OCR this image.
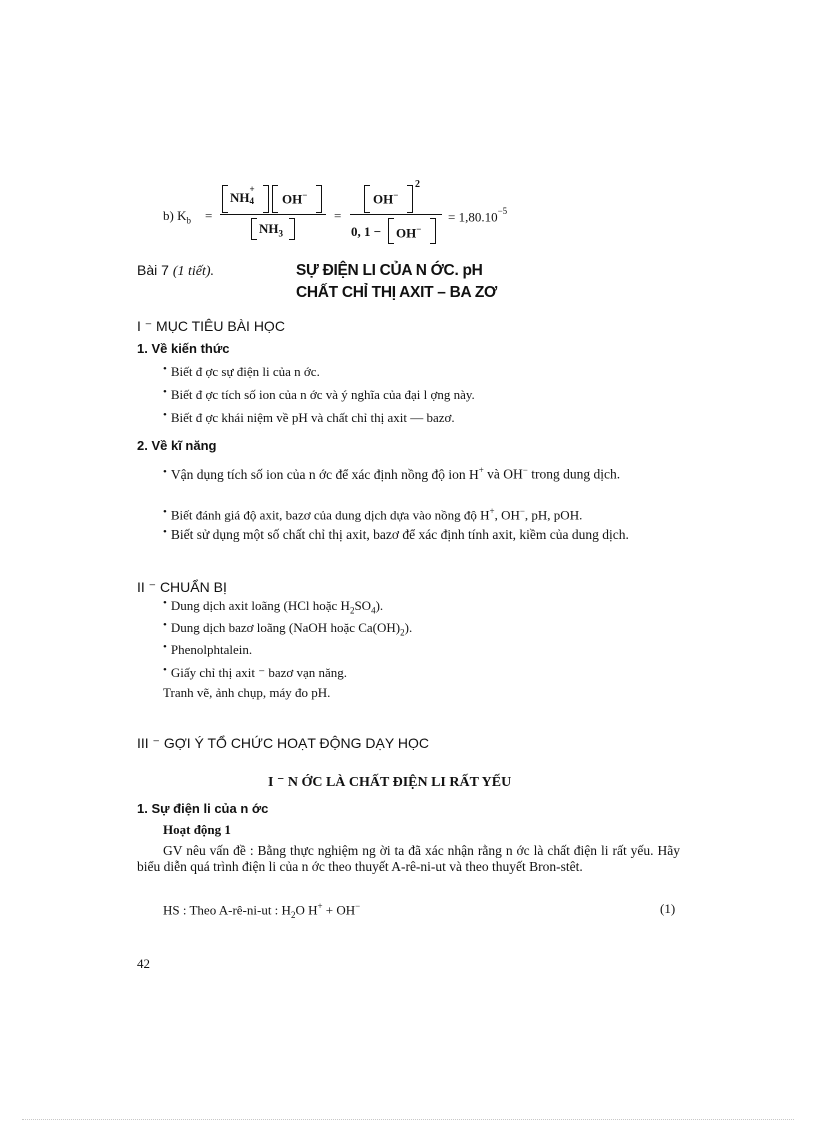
b) $K_b$ =
NH
+
4 OH−
$NH_3$
=
OH−
2
0, 1 − OH−
= $1,80.10^{-5}$
Bài 7 (1 tiết).	SỰ ĐIỆN LI CỦA N ỚC. pH
CHẤT CHỈ THỊ AXIT – BA ZƠ
I ⁻ MỤC TIÊU BÀI HỌC
1. Về kiến thức
• Biết đ ợc sự điện li của n ớc.
• Biết đ ợc tích số ion của n ớc và ý nghĩa của đại l ợng này.
• Biết đ ợc khái niệm về pH và chất chỉ thị axit — bazơ.
2. Về kĩ năng
• Vận dụng tích số ion của n ớc để xác định nồng độ ion H+ và OH− trong dung dịch.
• Biết đánh giá độ axit, bazơ của dung dịch dựa vào nồng độ H+, OH−, pH, pOH.
• Biết sử dụng một số chất chỉ thị axit, bazơ để xác định tính axit, kiềm của dung dịch.
II ⁻ CHUẨN BỊ
• Dung dịch axit loãng (HCl hoặc $H_2SO_4$).
• Dung dịch bazơ loãng (NaOH hoặc $Ca(OH)_2$).
• Phenolphtalein.
• Giấy chỉ thị axit ⁻ bazơ vạn năng.
Tranh vẽ, ảnh chụp, máy đo pH.
III ⁻ GỢI Ý TỔ CHỨC HOẠT ĐỘNG DẠY HỌC
I ⁻ N ỚC LÀ CHẤT ĐIỆN LI RẤT YẾU
1. Sự điện li của n ớc
Hoạt động 1
GV nêu vấn đề : Bằng thực nghiệm ng ời ta đã xác nhận rằng n ớc là chất điện li rất yếu. Hãy biểu diễn quá trình điện li của n ớc theo thuyết A-rê-ni-ut và theo thuyết Bron-stêt.
HS : Theo A-rê-ni-ut : $H_2O$ H+ + OH−	(1)
42
